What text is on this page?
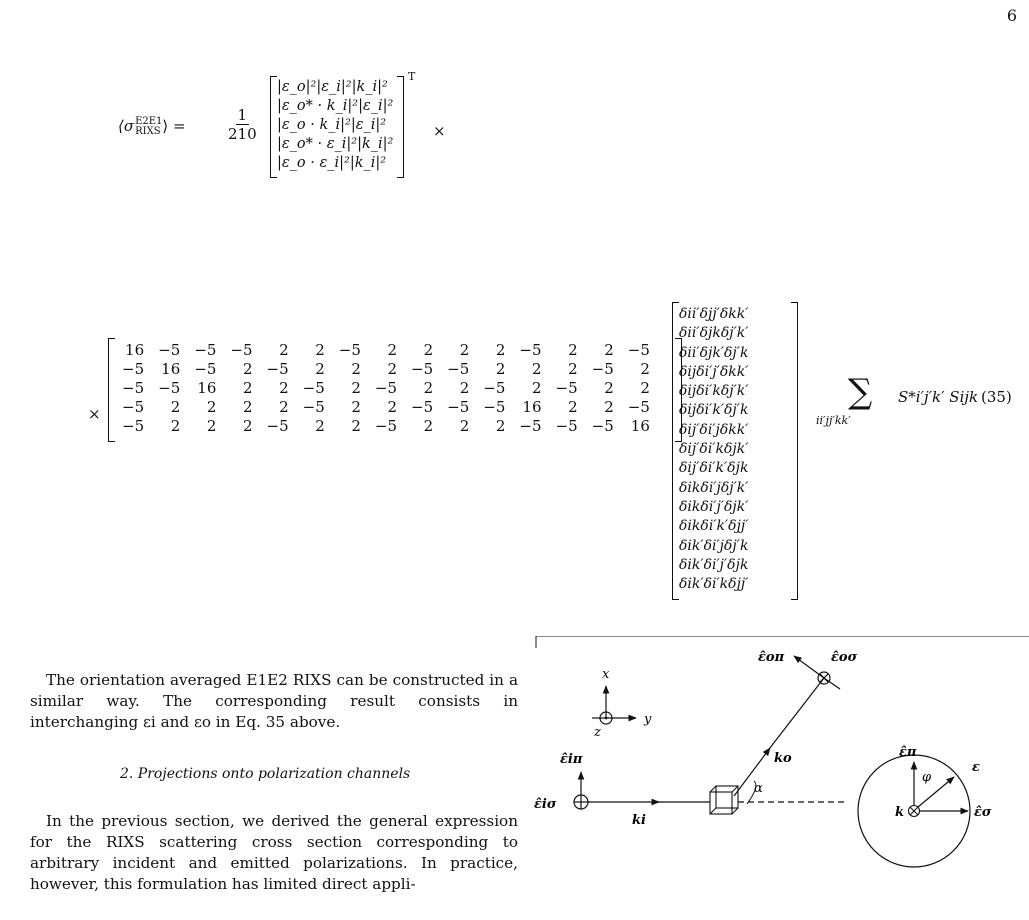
6
⟨σ E2E1
RIXS ⟩ =	$\frac{1}{210}$
|ε_o|²|ε_i|²|k_i|²
|ε_o* · k_i|²|ε_i|²
|ε_o · k_i|²|ε_i|²
|ε_o* · ε_i|²|k_i|²
|ε_o · ε_i|²|k_i|²
T
×
×
16	−5	−5	−5	2	2	−5	2	2	2	2	−5	2	2	−5
−5	16	−5	2	−5	2	2	2	−5	−5	2	2	2	−5	2
−5	−5	16	2	2	−5	2	−5	2	2	−5	2	−5	2	2
−5	2	2	2	2	−5	2	2	−5	−5	−5	16	2	2	−5
−5	2	2	2	−5	2	2	−5	2	2	2	−5	−5	−5	16
δii′δjj′δkk′
δii′δjkδj′k′
δii′δjk′δj′k
δijδi′j′δkk′
δijδi′kδj′k′
δijδi′k′δj′k
δij′δi′jδkk′
δij′δi′kδjk′
δij′δi′k′δjk
δikδi′jδj′k′
δikδi′j′δjk′
δikδi′k′δjj′
δik′δi′jδj′k
δik′δi′j′δjk
δik′δi′kδjj′
∑
ii′jj′kk′
S*i′j′k′ Sijk (35)
The orientation averaged E1E2 RIXS can be constructed in a similar way. The corresponding result consists in interchanging εi and εo in Eq. 35 above.
2. Projections onto polarization channels
In the previous section, we derived the general expression for the RIXS scattering cross section corresponding to arbitrary incident and emitted polarizations. In practice, however, this formulation has limited direct appli-
x
y
z
ε̂iπ
ε̂iσ
ki
α
ko
ε̂oπ	ε̂oσ
ε̂π
ε̂σ
ε
φ
k
